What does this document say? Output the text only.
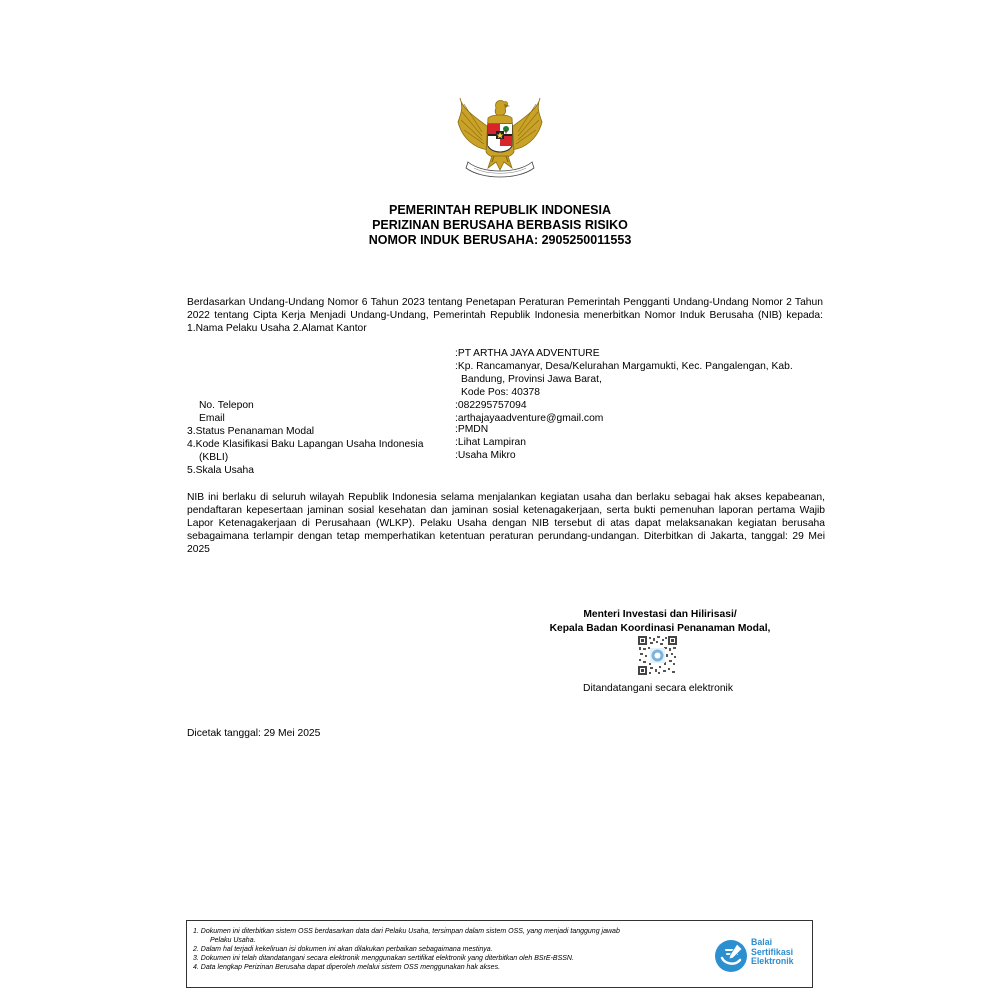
PEMERINTAH REPUBLIK INDONESIA
PERIZINAN BERUSAHA BERBASIS RISIKO
NOMOR INDUK BERUSAHA: 2905250011553

Berdasarkan Undang-Undang Nomor 6 Tahun 2023 tentang Penetapan Peraturan Pemerintah Pengganti Undang-Undang Nomor 2 Tahun 2022 tentang Cipta Kerja Menjadi Undang-Undang, Pemerintah Republik Indonesia menerbitkan Nomor Induk Berusaha (NIB) kepada: 1.Nama Pelaku Usaha 2.Alamat Kantor

No. Telepon
Email
3.Status Penanaman Modal
4.Kode Klasifikasi Baku Lapangan Usaha Indonesia
(KBLI)
5.Skala Usaha
:PT ARTHA JAYA ADVENTURE
:Kp. Rancamanyar, Desa/Kelurahan Margamukti, Kec. Pangalengan, Kab.
Bandung, Provinsi Jawa Barat,
Kode Pos: 40378
:082295757094
:arthajayaadventure@gmail.com
:PMDN
:Lihat Lampiran
:Usaha Mikro

NIB ini berlaku di seluruh wilayah Republik Indonesia selama menjalankan kegiatan usaha dan berlaku sebagai hak akses kepabeanan, pendaftaran kepesertaan jaminan sosial kesehatan dan jaminan sosial ketenagakerjaan, serta bukti pemenuhan laporan pertama Wajib Lapor Ketenagakerjaan di Perusahaan (WLKP). Pelaku Usaha dengan NIB tersebut di atas dapat melaksanakan kegiatan berusaha sebagaimana terlampir dengan tetap memperhatikan ketentuan peraturan perundang-undangan. Diterbitkan di Jakarta, tanggal: 29 Mei 2025

Menteri Investasi dan Hilirisasi/
Kepala Badan Koordinasi Penanaman Modal,
Ditandatangani secara elektronik
Dicetak tanggal: 29 Mei 2025
1. Dokumen ini diterbitkan sistem OSS berdasarkan data dari Pelaku Usaha, tersimpan dalam sistem OSS, yang menjadi tanggung jawab
Pelaku Usaha.
2. Dalam hal terjadi kekeliruan isi dokumen ini akan dilakukan perbaikan sebagaimana mestinya.
3. Dokumen ini telah ditandatangani secara elektronik menggunakan sertifikat elektronik yang diterbitkan oleh BSrE-BSSN.
4. Data lengkap Perizinan Berusaha dapat diperoleh melalui sistem OSS menggunakan hak akses.
Balai
Sertifikasi
Elektronik
